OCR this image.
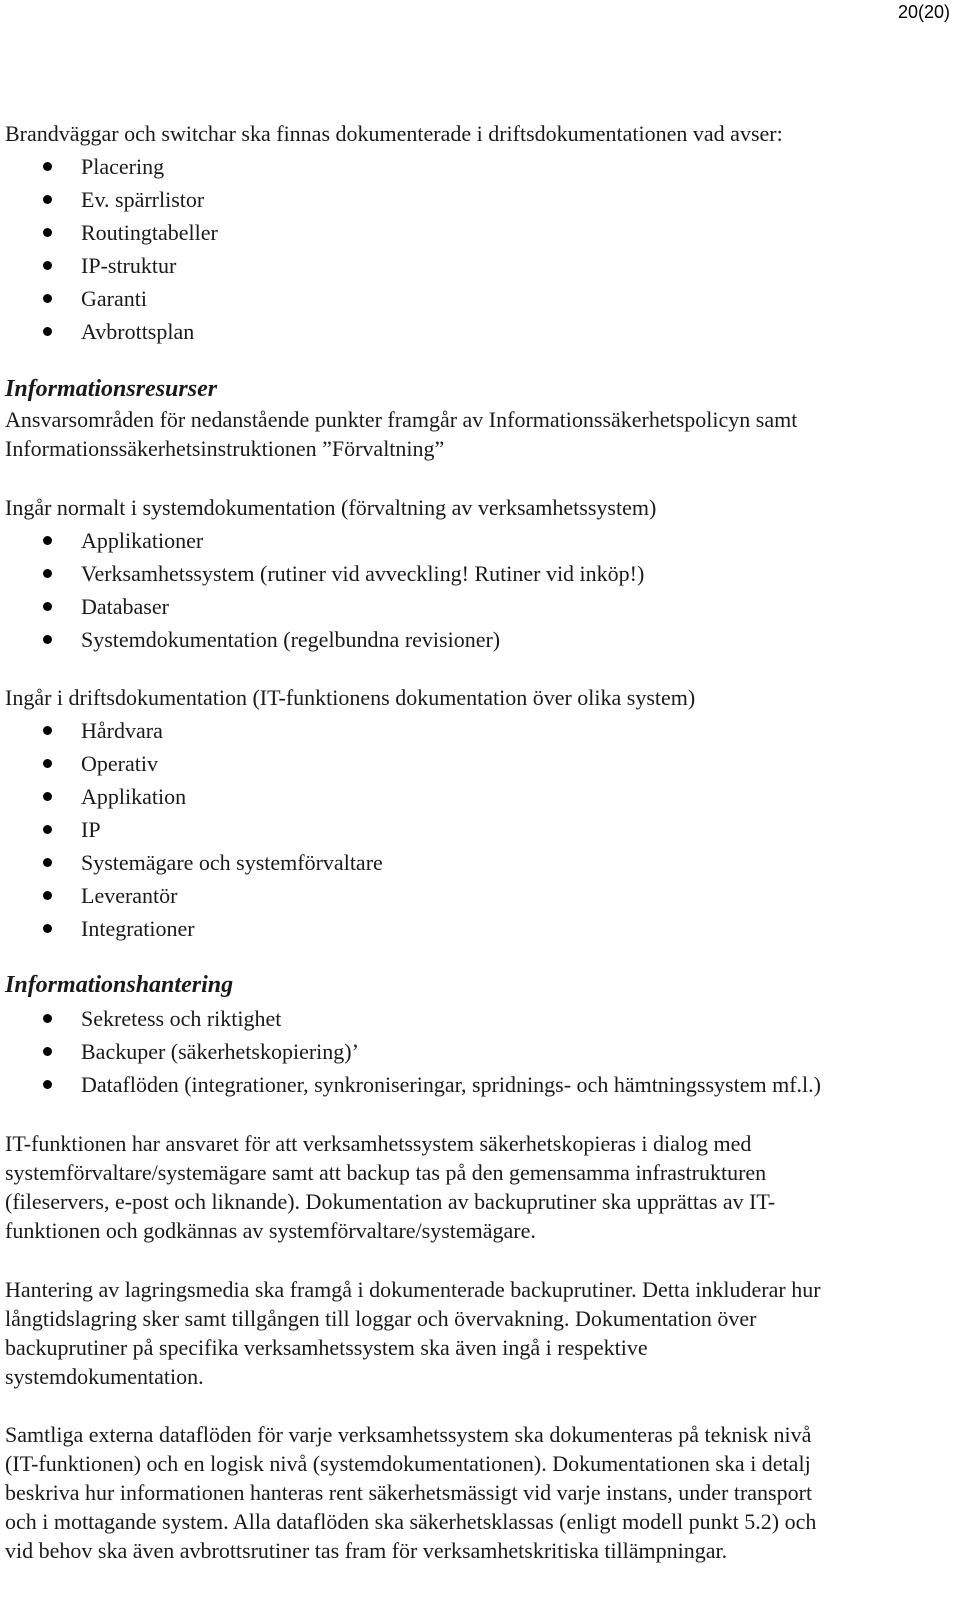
20(20)

Brandväggar och switchar ska finnas dokumenterade i driftsdokumentationen vad avser:

Placering
Ev. spärrlistor
Routingtabeller
IP-struktur
Garanti
Avbrottsplan
Informationsresurser

Ansvarsområden för nedanstående punkter framgår av Informationssäkerhetspolicyn samt

Informationssäkerhetsinstruktionen ”Förvaltning”

Ingår normalt i systemdokumentation (förvaltning av verksamhetssystem)

Applikationer
Verksamhetssystem (rutiner vid avveckling! Rutiner vid inköp!)
Databaser
Systemdokumentation (regelbundna revisioner)

Ingår i driftsdokumentation (IT-funktionens dokumentation över olika system)

Hårdvara
Operativ
Applikation
IP
Systemägare och systemförvaltare
Leverantör
Integrationer
Informationshantering
Sekretess och riktighet
Backuper (säkerhetskopiering)’
Dataflöden (integrationer, synkroniseringar, spridnings- och hämtningssystem mf.l.)

IT-funktionen har ansvaret för att verksamhetssystem säkerhetskopieras i dialog med

systemförvaltare/systemägare samt att backup tas på den gemensamma infrastrukturen

(fileservers, e-post och liknande). Dokumentation av backuprutiner ska upprättas av IT-

funktionen och godkännas av systemförvaltare/systemägare.

Hantering av lagringsmedia ska framgå i dokumenterade backuprutiner. Detta inkluderar hur

långtidslagring sker samt tillgången till loggar och övervakning. Dokumentation över

backuprutiner på specifika verksamhetssystem ska även ingå i respektive

systemdokumentation.

Samtliga externa dataflöden för varje verksamhetssystem ska dokumenteras på teknisk nivå

(IT-funktionen) och en logisk nivå (systemdokumentationen). Dokumentationen ska i detalj

beskriva hur informationen hanteras rent säkerhetsmässigt vid varje instans, under transport

och i mottagande system. Alla dataflöden ska säkerhetsklassas (enligt modell punkt 5.2) och

vid behov ska även avbrottsrutiner tas fram för verksamhetskritiska tillämpningar.
